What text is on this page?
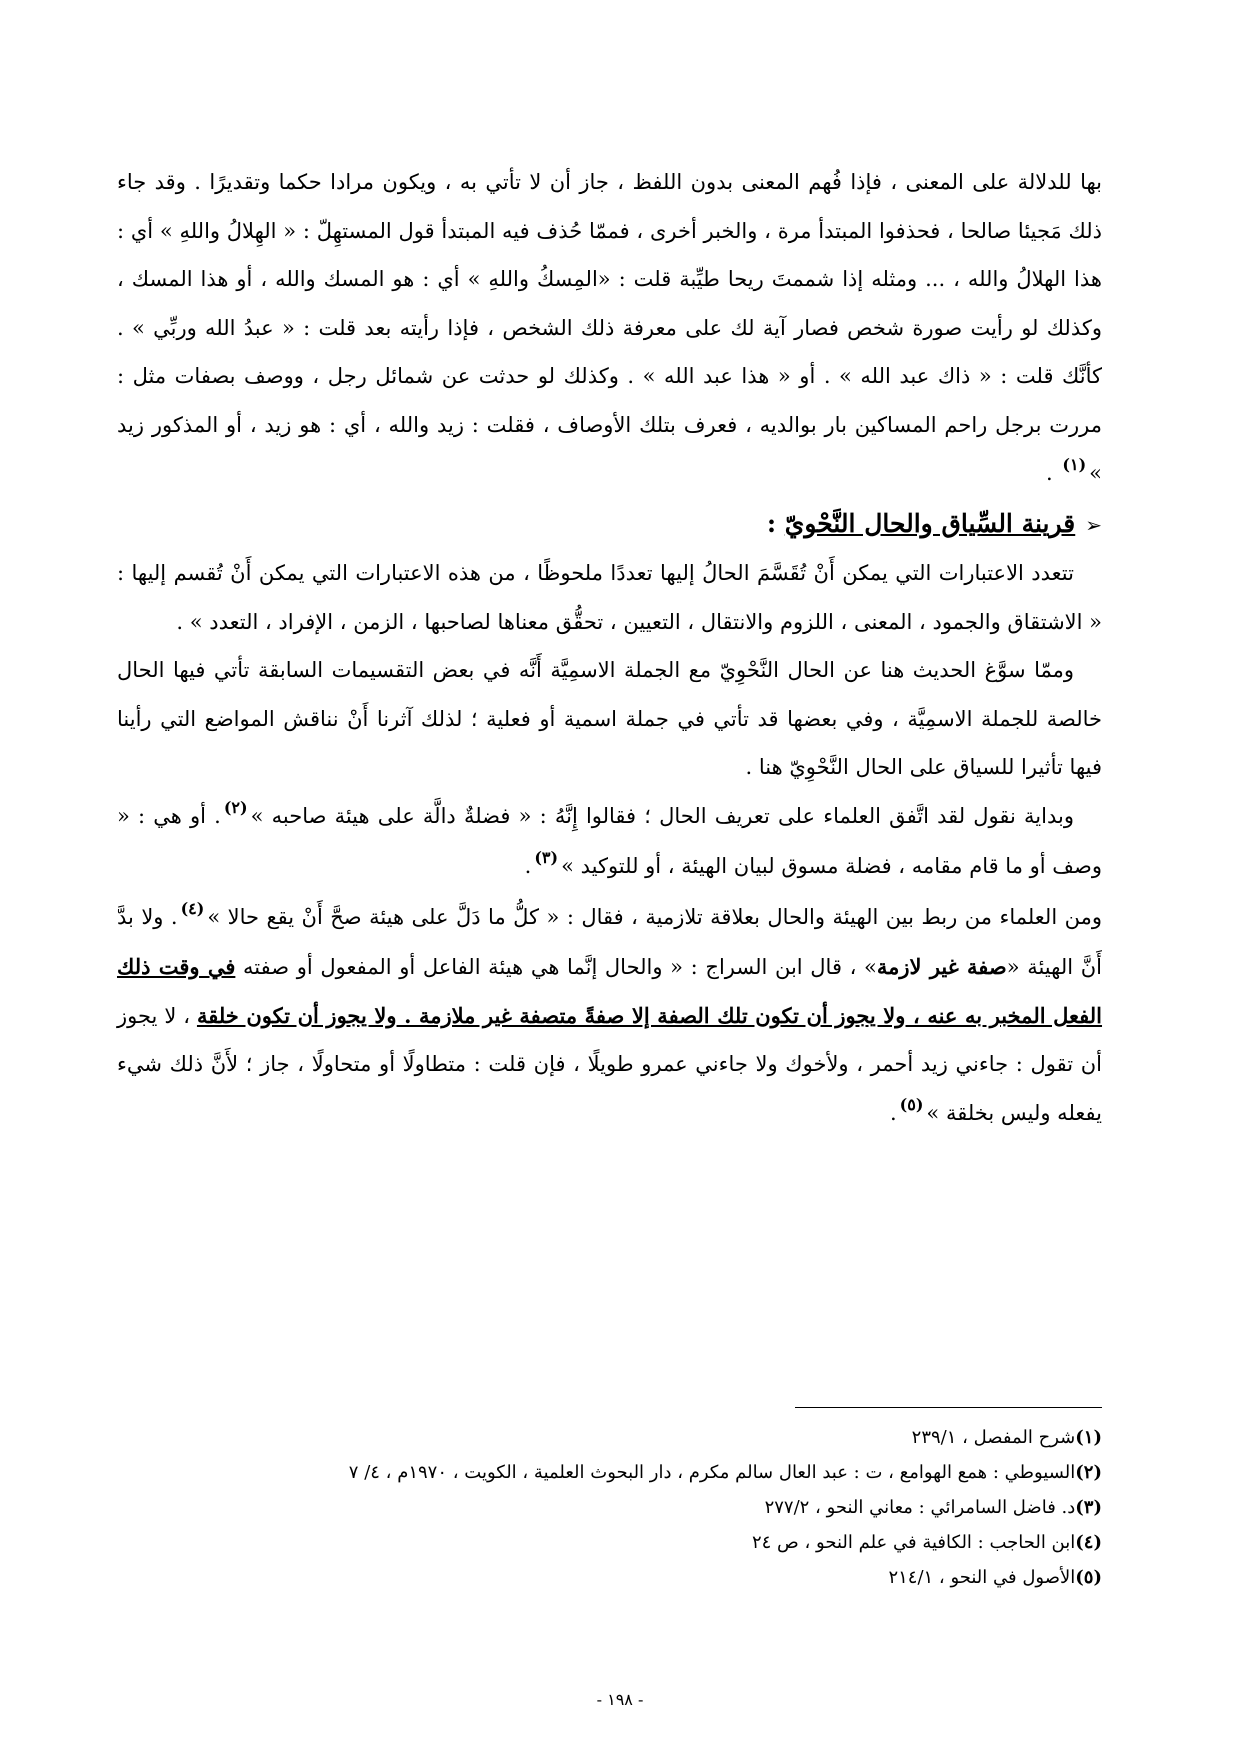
بها للدلالة على المعنى ، فإذا فُهم المعنى بدون اللفظ ، جاز أن لا تأتي به ، ويكون مرادا حكما وتقديرًا . وقد جاء ذلك مَجيئا صالحا ، فحذفوا المبتدأ مرة ، والخبر أخرى ، فممّا حُذف فيه المبتدأ قول المستهِلّ : « الهِلالُ واللهِ » أي : هذا الهلالُ والله ، ... ومثله إذا شممتَ ريحا طيِّبة قلت : «المِسكُ واللهِ » أي : هو المسك والله ، أو هذا المسك ، وكذلك لو رأيت صورة شخص فصار آية لك على معرفة ذلك الشخص ، فإذا رأيته بعد قلت : « عبدُ الله وربِّي » . كأنَّك قلت : « ذاك عبد الله » . أو « هذا عبد الله » . وكذلك لو حدثت عن شمائل رجل ، ووصف بصفات مثل : مررت برجل راحم المساكين بار بوالديه ، فعرف بتلك الأوصاف ، فقلت : زيد والله ، أي : هو زيد ، أو المذكور زيد »$^{(١)}$ .

➢قرينة السِّياق والحال النَّحْويّ :

تتعدد الاعتبارات التي يمكن أَنْ تُقَسَّمَ الحالُ إليها تعددًا ملحوظًا ، من هذه الاعتبارات التي يمكن أَنْ تُقسم إليها : « الاشتقاق والجمود ، المعنى ، اللزوم والانتقال ، التعيين ، تحقُّق معناها لصاحبها ، الزمن ، الإفراد ، التعدد » .

وممّا سوَّغ الحديث هنا عن الحال النَّحْوِيّ مع الجملة الاسمِيَّة أَنَّه في بعض التقسيمات السابقة تأتي فيها الحال خالصة للجملة الاسمِيَّة ، وفي بعضها قد تأتي في جملة اسمية أو فعلية ؛ لذلك آثرنا أَنْ نناقش المواضع التي رأينا فيها تأثيرا للسياق على الحال النَّحْوِيّ هنا .

وبداية نقول لقد اتَّفق العلماء على تعريف الحال ؛ فقالوا إِنَّهُ : « فضلةٌ دالَّة على هيئة صاحبه »$^{(٢)}$. أو هي : « وصف أو ما قام مقامه ، فضلة مسوق لبيان الهيئة ، أو للتوكيد »$^{(٣)}$.

ومن العلماء من ربط بين الهيئة والحال بعلاقة تلازمية ، فقال : « كلُّ ما دَلَّ على هيئة صحَّ أَنْ يقع حالا »$^{(٤)}$. ولا بدَّ أَنَّ الهيئة «صفة غير لازمة» ، قال ابن السراج : « والحال إنَّما هي هيئة الفاعل أو المفعول أو صفته في وقت ذلك الفعل المخبر به عنه ، ولا يجوز أن تكون تلك الصفة إلا صفةً متصفة غير ملازمة . ولا يجوز أن تكون خلقة ، لا يجوز أن تقول : جاءني زيد أحمر ، ولأخوك ولا جاءني عمرو طويلًا ، فإن قلت : متطاولًا أو متحاولًا ، جاز ؛ لأَنَّ ذلك شيء يفعله وليس بخلقة »$^{(٥)}$.

(١)شرح المفصل ، ٢٣٩/١

(٢)السيوطي : همع الهوامع ، ت : عبد العال سالم مكرم ، دار البحوث العلمية ، الكويت ، ١٩٧٠م ، ٤/ ٧

(٣)د. فاضل السامرائي : معاني النحو ، ٢٧٧/٢

(٤)ابن الحاجب : الكافية في علم النحو ، ص ٢٤

(٥)الأصول في النحو ، ٢١٤/١

- ١٩٨ -
